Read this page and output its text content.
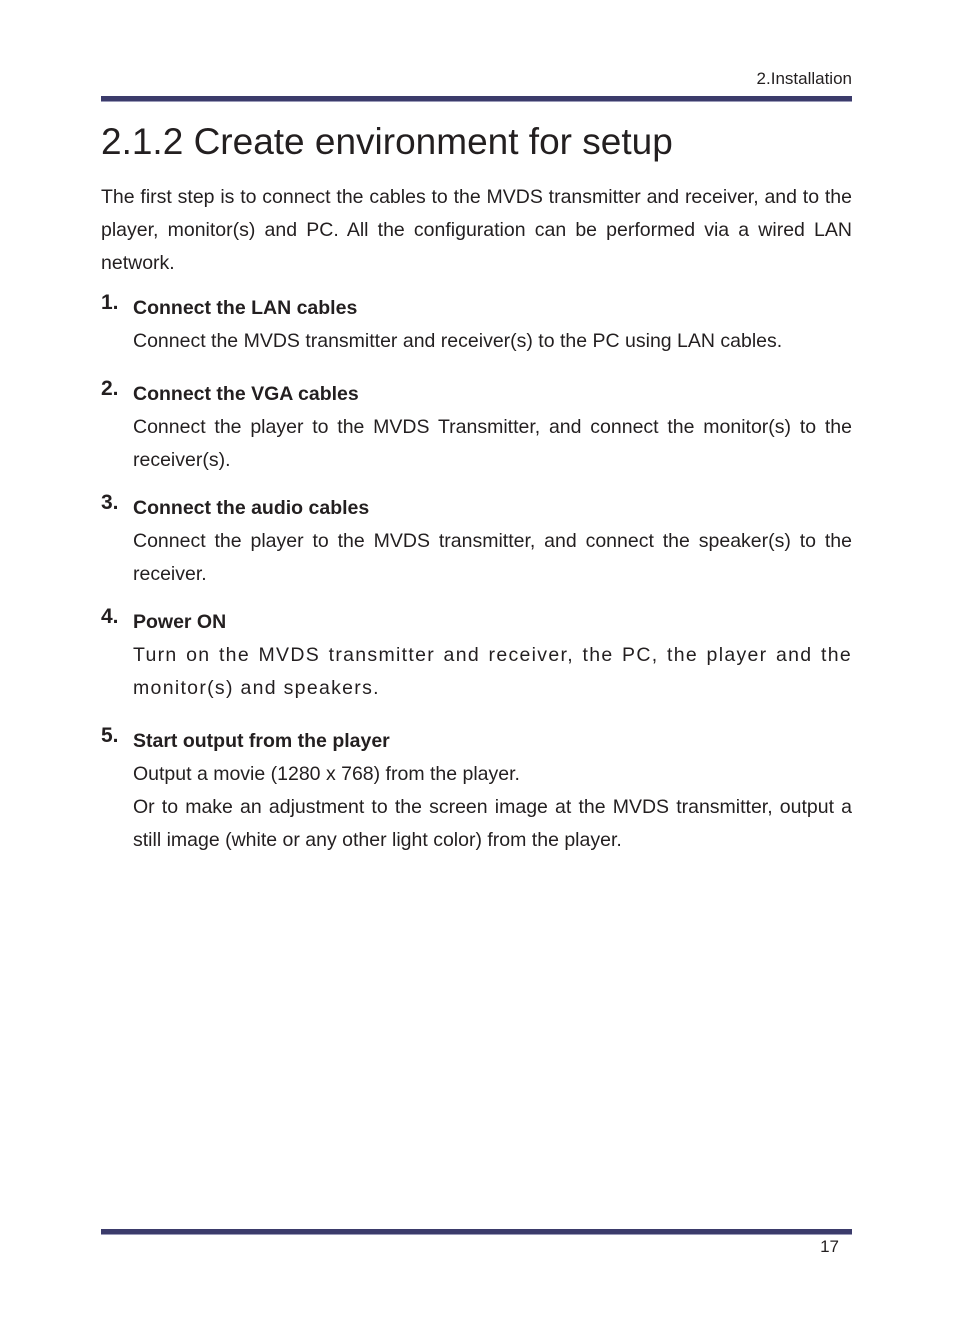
2.Installation
2.1.2 Create environment for setup

The first step is to connect the cables to the MVDS transmitter and receiver, and to the player, monitor(s) and PC. All the configuration can be performed via a wired LAN network.

1. Connect the LAN cables

Connect the MVDS transmitter and receiver(s) to the PC using LAN cables.

2. Connect the VGA cables

Connect the player to the MVDS Transmitter, and connect the monitor(s) to the receiver(s).

3. Connect the audio cables

Connect the player to the MVDS transmitter, and connect the speaker(s) to the receiver.

4. Power ON

Turn on the MVDS transmitter and receiver, the PC, the player and the monitor(s) and speakers.

5. Start output from the player

Output a movie (1280 x 768) from the player.

Or to make an adjustment to the screen image at the MVDS transmitter, output a still image (white or any other light color) from the player.

17
